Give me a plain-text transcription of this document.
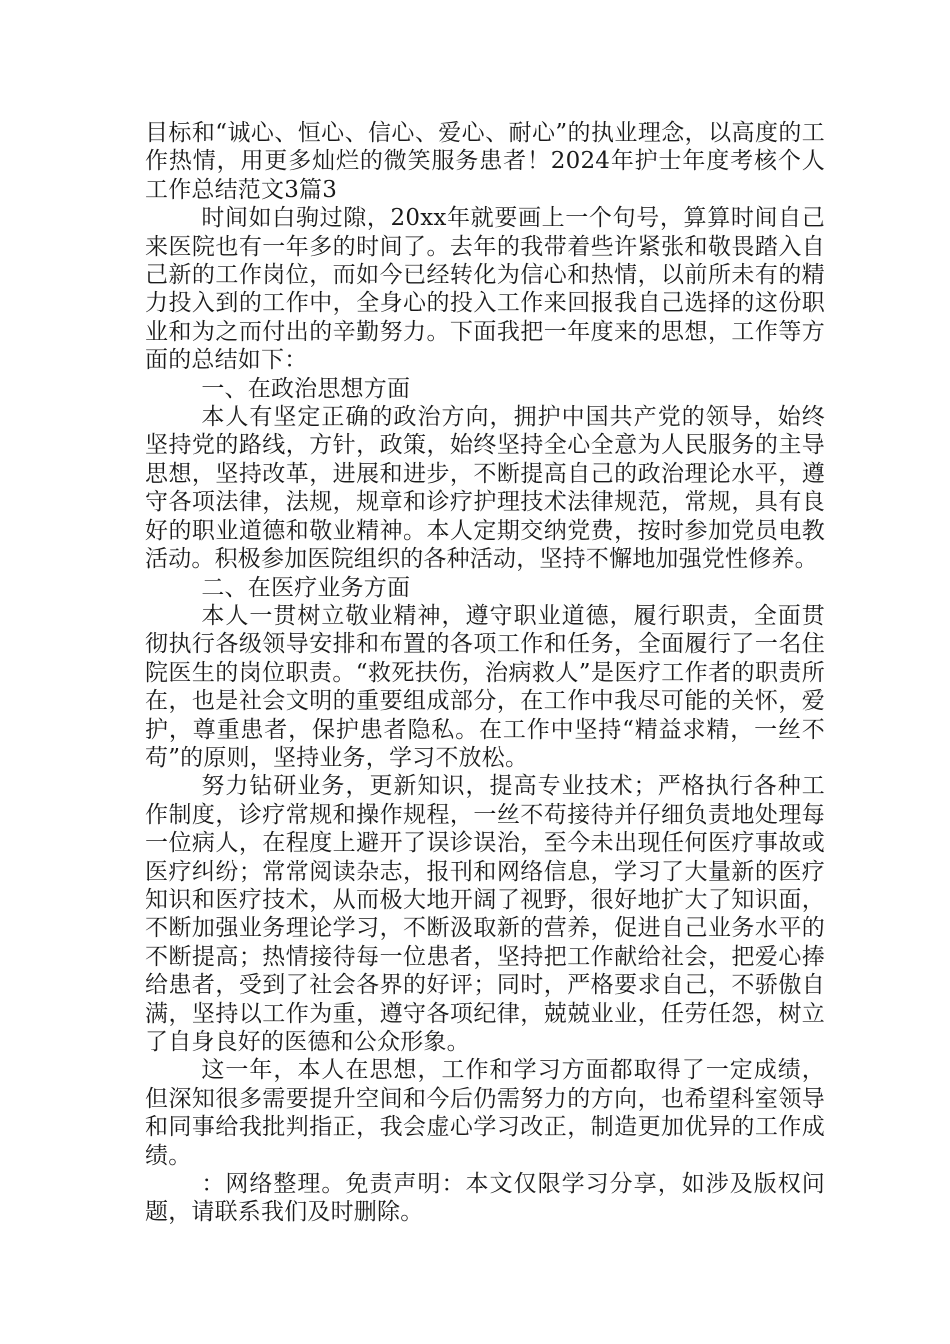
目标和“诚心、恒心、信心、爱心、耐心”的执业理念，以高度的工作热情，用更多灿烂的微笑服务患者！2024年护士年度考核个人工作总结范文3篇3

时间如白驹过隙，20xx年就要画上一个句号，算算时间自己来医院也有一年多的时间了。去年的我带着些许紧张和敬畏踏入自己新的工作岗位，而如今已经转化为信心和热情，以前所未有的精力投入到的工作中，全身心的投入工作来回报我自己选择的这份职业和为之而付出的辛勤努力。下面我把一年度来的思想，工作等方面的总结如下：

一、在政治思想方面

本人有坚定正确的政治方向，拥护中国共产党的领导，始终坚持党的路线，方针，政策，始终坚持全心全意为人民服务的主导思想，坚持改革，进展和进步，不断提高自己的政治理论水平，遵守各项法律，法规，规章和诊疗护理技术法律规范，常规，具有良好的职业道德和敬业精神。本人定期交纳党费，按时参加党员电教活动。积极参加医院组织的各种活动，坚持不懈地加强党性修养。

二、在医疗业务方面

本人一贯树立敬业精神，遵守职业道德，履行职责，全面贯彻执行各级领导安排和布置的各项工作和任务，全面履行了一名住院医生的岗位职责。“救死扶伤，治病救人”是医疗工作者的职责所在，也是社会文明的重要组成部分，在工作中我尽可能的关怀，爱护，尊重患者，保护患者隐私。在工作中坚持“精益求精，一丝不苟”的原则，坚持业务，学习不放松。

努力钻研业务，更新知识，提高专业技术；严格执行各种工作制度，诊疗常规和操作规程，一丝不苟接待并仔细负责地处理每一位病人，在程度上避开了误诊误治，至今未出现任何医疗事故或医疗纠纷；常常阅读杂志，报刊和网络信息，学习了大量新的医疗知识和医疗技术，从而极大地开阔了视野，很好地扩大了知识面，不断加强业务理论学习，不断汲取新的营养，促进自己业务水平的不断提高；热情接待每一位患者，坚持把工作献给社会，把爱心捧给患者，受到了社会各界的好评；同时，严格要求自己，不骄傲自满，坚持以工作为重，遵守各项纪律，兢兢业业，任劳任怨，树立了自身良好的医德和公众形象。

这一年，本人在思想，工作和学习方面都取得了一定成绩，但深知很多需要提升空间和今后仍需努力的方向，也希望科室领导和同事给我批判指正，我会虚心学习改正，制造更加优异的工作成绩。

：网络整理。免责声明：本文仅限学习分享，如涉及版权问题，请联系我们及时删除。
